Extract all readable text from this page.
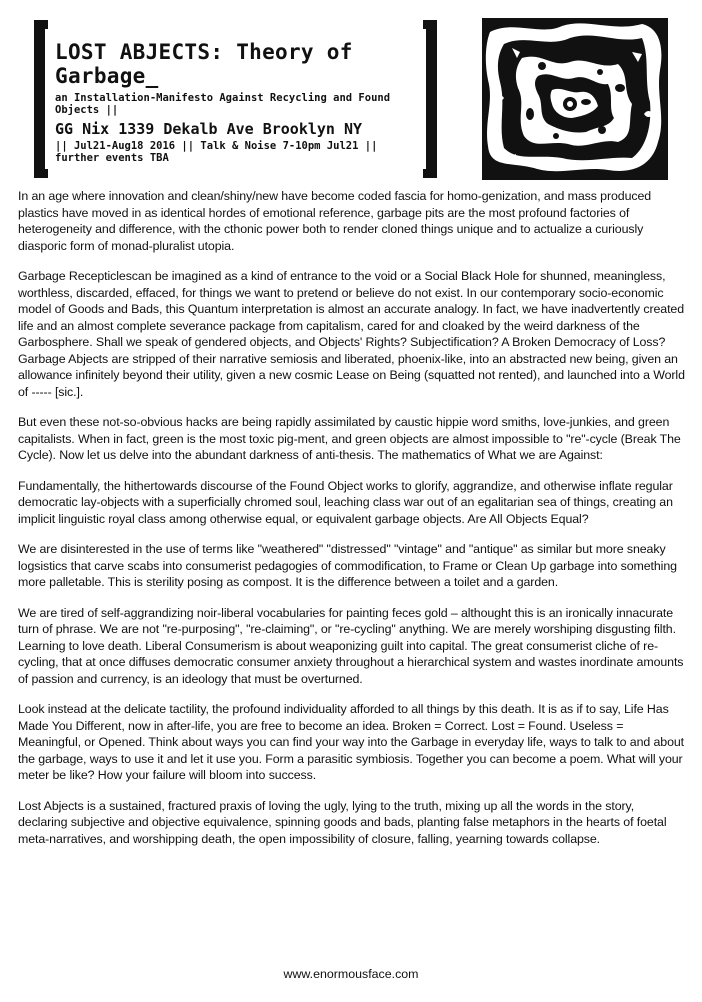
LOST ABJECTS: Theory of
Garbage_
an Installation-Manifesto Against Recycling and Found Objects ||
GG Nix 1339 Dekalb Ave Brooklyn NY
|| Jul21-Aug18 2016 || Talk & Noise 7-10pm Jul21 || further events TBA

In an age where innovation and clean/shiny/new have become coded fascia for homo-genization, and mass produced plastics have moved in as identical hordes of emotional reference, garbage pits are the most profound factories of heterogeneity and difference, with the cthonic power both to render cloned things unique and to actualize a curiously diasporic form of monad-pluralist utopia.

Garbage Recepticlescan be imagined as a kind of entrance to the void or a Social Black Hole for shunned, meaningless, worthless, discarded, effaced, for things we want to pretend or believe do not exist. In our contemporary socio-economic model of Goods and Bads, this Quantum interpretation is almost an accurate analogy. In fact, we have inadvertently created life and an almost complete severance package from capitalism, cared for and cloaked by the weird darkness of the Garbosphere. Shall we speak of gendered objects, and Objects' Rights? Subjectification? A Broken Democracy of Loss? Garbage Abjects are stripped of their narrative semiosis and liberated, phoenix-like, into an abstracted new being, given an allowance infinitely beyond their utility, given a new cosmic Lease on Being (squatted not rented), and launched into a World of ----- [sic.].

But even these not-so-obvious hacks are being rapidly assimilated by caustic hippie word smiths, love-junkies, and green capitalists. When in fact, green is the most toxic pig-ment, and green objects are almost impossible to "re"-cycle (Break The Cycle). Now let us delve into the abundant darkness of anti-thesis. The mathematics of What we are Against:

Fundamentally, the hithertowards discourse of the Found Object works to glorify, aggrandize, and otherwise inflate regular democratic lay-objects with a superficially chromed soul, leaching class war out of an egalitarian sea of things, creating an implicit linguistic royal class among otherwise equal, or equivalent garbage objects. Are All Objects Equal?

We are disinterested in the use of terms like "weathered" "distressed" "vintage" and "antique" as similar but more sneaky logsistics that carve scabs into consumerist pedagogies of commodification, to Frame or Clean Up garbage into something more palletable. This is sterility posing as compost. It is the difference between a toilet and a garden.

We are tired of self-aggrandizing noir-liberal vocabularies for painting feces gold – althought this is an ironically innacurate turn of phrase. We are not "re-purposing", "re-claiming", or "re-cycling" anything. We are merely worshiping disgusting filth. Learning to love death. Liberal Consumerism is about weaponizing guilt into capital. The great consumerist cliche of re-cycling, that at once diffuses democratic consumer anxiety throughout a hierarchical system and wastes inordinate amounts of passion and currency, is an ideology that must be overturned.

Look instead at the delicate tactility, the profound individuality afforded to all things by this death. It is as if to say, Life Has Made You Different, now in after-life, you are free to become an idea. Broken = Correct. Lost = Found. Useless = Meaningful, or Opened. Think about ways you can find your way into the Garbage in everyday life, ways to talk to and about the garbage, ways to use it and let it use you. Form a parasitic symbiosis. Together you can become a poem. What will your meter be like? How your failure will bloom into success.

Lost Abjects is a sustained, fractured praxis of loving the ugly, lying to the truth, mixing up all the words in the story, declaring subjective and objective equivalence, spinning goods and bads, planting false metaphors in the hearts of foetal meta-narratives, and worshipping death, the open impossibility of closure, falling, yearning towards collapse.

www.enormousface.com
